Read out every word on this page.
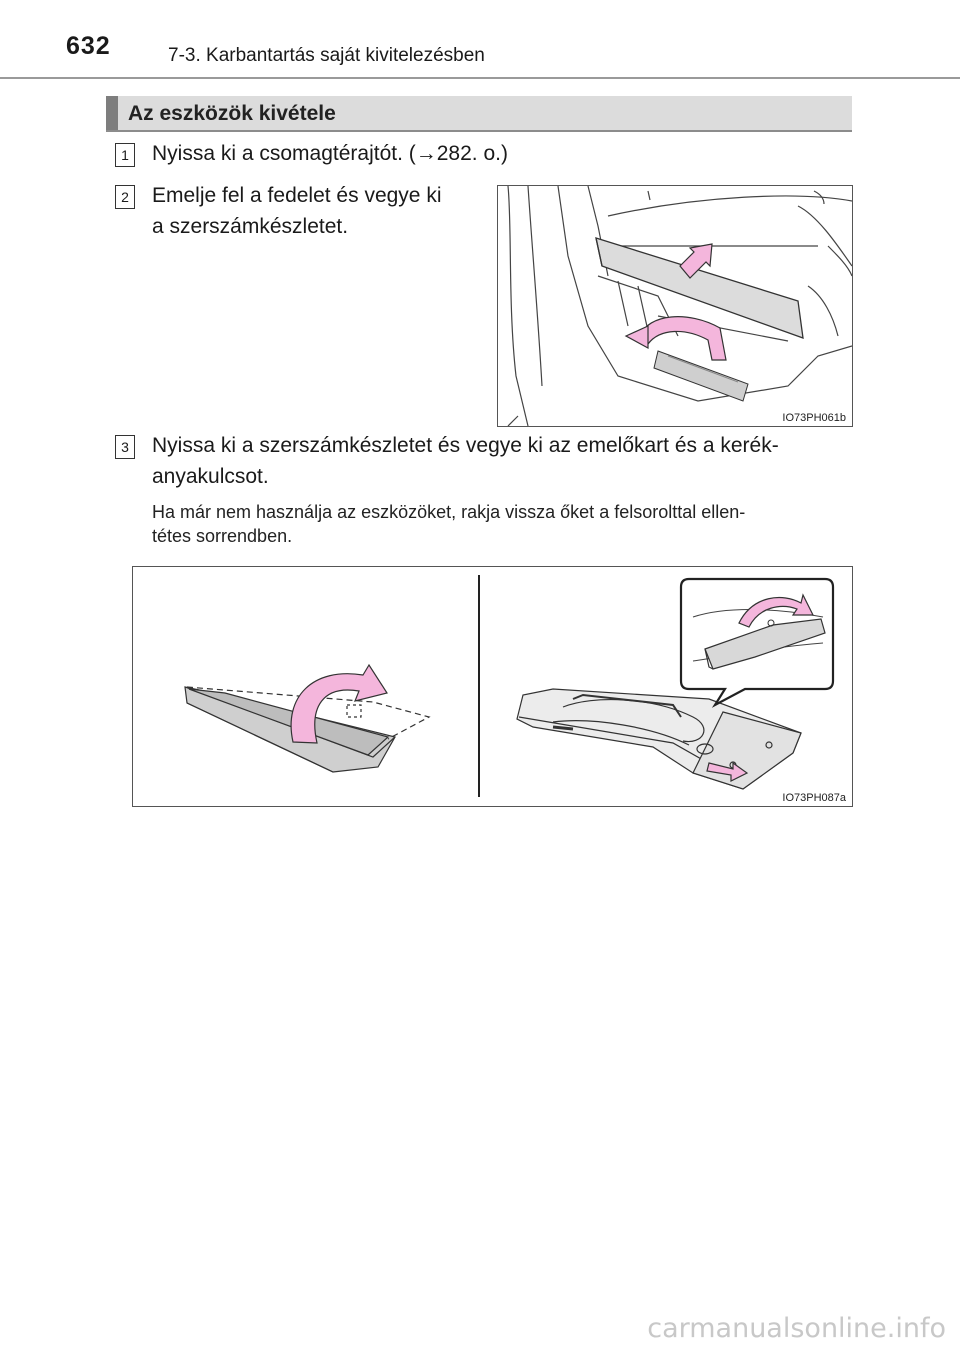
632	7-3. Karbantartás saját kivitelezésben
Az eszközök kivétele
1 Nyissa ki a csomagtérajtót. (→282. o.)
2 Emelje fel a fedelet és vegye ki
a szerszámkészletet.
IO73PH061b
3 Nyissa ki a szerszámkészletet és vegye ki az emelőkart és a kerék-
anyakulcsot.
Ha már nem használja az eszközöket, rakja vissza őket a felsorolttal ellen-
tétes sorrendben.
IO73PH087a
carmanualsonline.info
